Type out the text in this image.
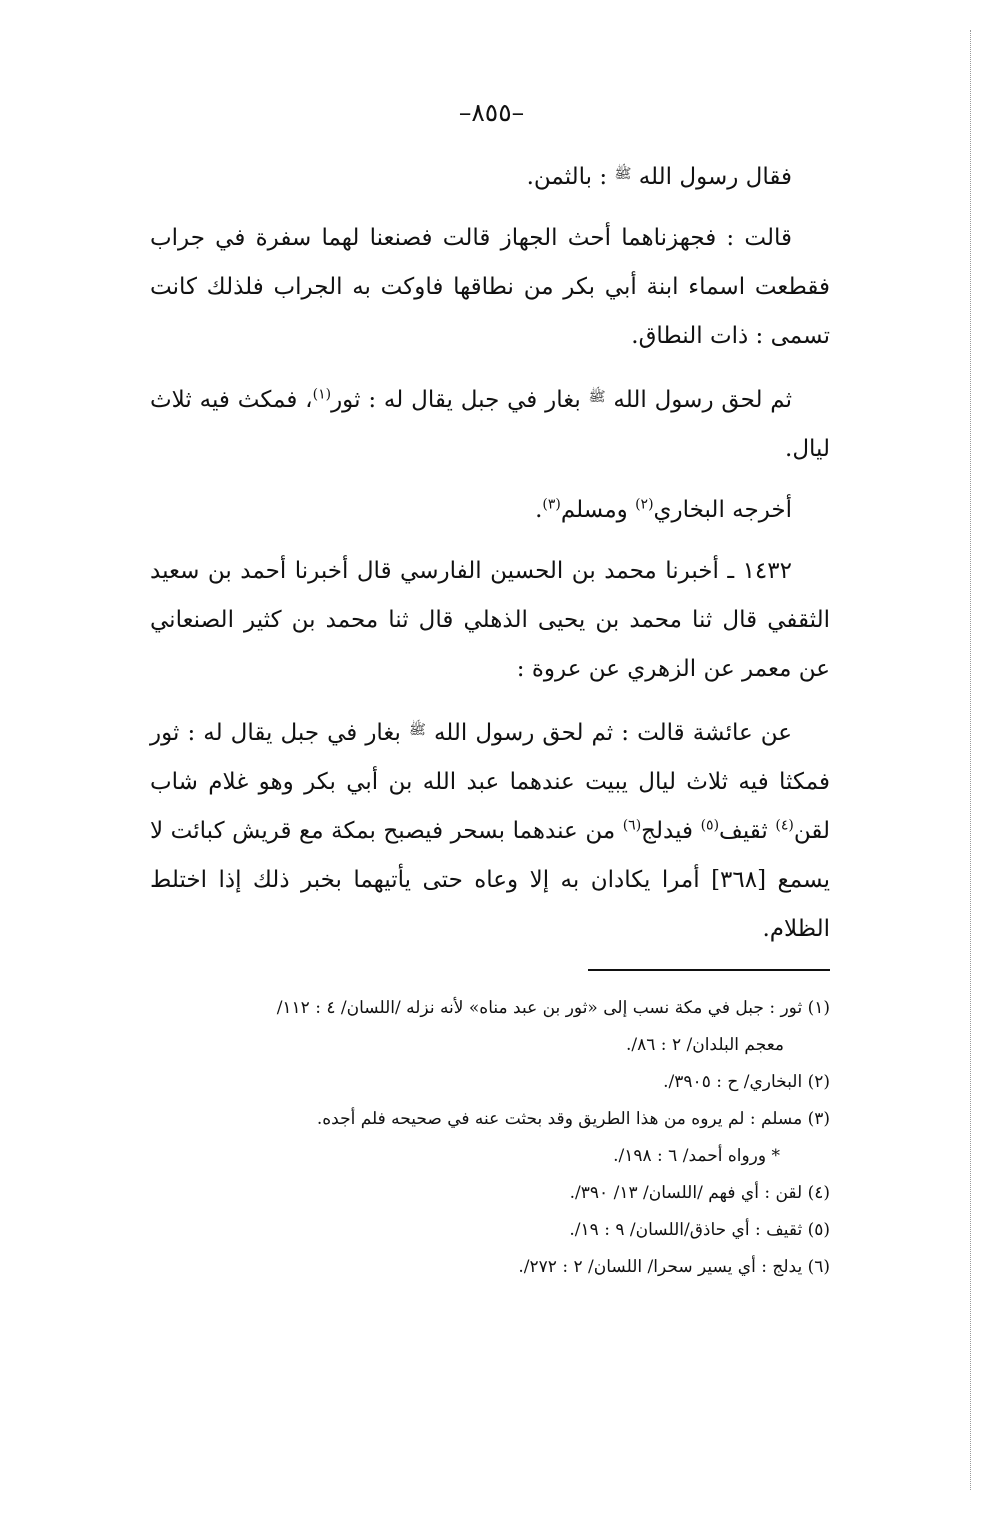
–٨٥٥–

فقال رسول الله $^ﷺ$ : بالثمن.

قالت : فجهزناهما أحث الجهاز قالت فصنعنا لهما سفرة في جراب فقطعت اسماء ابنة أبي بكر من نطاقها فاوكت به الجراب فلذلك كانت تسمى : ذات النطاق.

ثم لحق رسول الله $^ﷺ$ بغار في جبل يقال له : ثور$^{(١)}$، فمكث فيه ثلاث ليال.

أخرجه البخاري$^{(٢)}$ ومسلم$^{(٣)}$.

١٤٣٢ ـ أخبرنا محمد بن الحسين الفارسي قال أخبرنا أحمد بن سعيد الثقفي قال ثنا محمد بن يحيى الذهلي قال ثنا محمد بن كثير الصنعاني عن معمر عن الزهري عن عروة :

عن عائشة قالت : ثم لحق رسول الله $^ﷺ$ بغار في جبل يقال له : ثور فمكثا فيه ثلاث ليال يبيت عندهما عبد الله بن أبي بكر وهو غلام شاب لقن$^{(٤)}$ ثقيف$^{(٥)}$ فيدلج$^{(٦)}$ من عندهما بسحر فيصبح بمكة مع قريش كبائت لا يسمع [٣٦٨] أمرا يكادان به إلا وعاه حتى يأتيهما بخبر ذلك إذا اختلط الظلام.

(١) ثور : جبل في مكة نسب إلى «ثور بن عبد مناه» لأنه نزله /اللسان/ ٤ : ١١٢/

معجم البلدان/ ٢ : ٨٦/.

(٢) البخاري/ ح : ٣٩٠٥/.

(٣) مسلم : لم يروه من هذا الطريق وقد بحثت عنه في صحيحه فلم أجده.

* ورواه أحمد/ ٦ : ١٩٨/.

(٤) لقن : أي فهم /اللسان/ ١٣/ ٣٩٠/.

(٥) ثقيف : أي حاذق/اللسان/ ٩ : ١٩/.

(٦) يدلج : أي يسير سحرا/ اللسان/ ٢ : ٢٧٢/.
